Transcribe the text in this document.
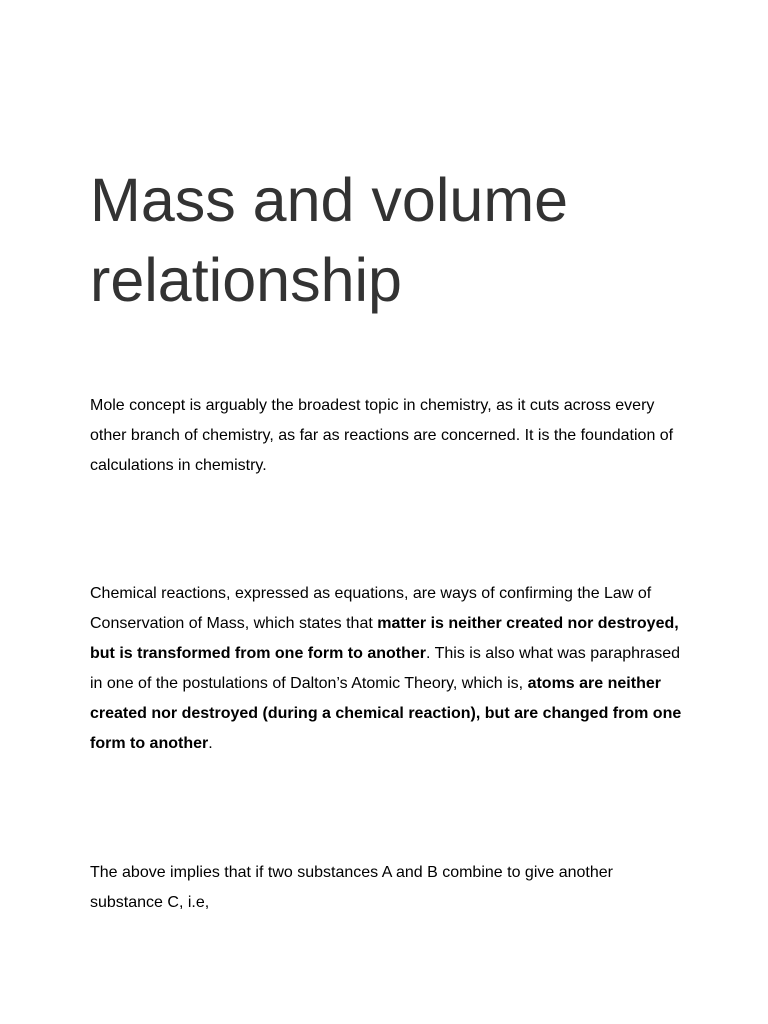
Mass and volume relationship

Mole concept is arguably the broadest topic in chemistry, as it cuts across every other branch of chemistry, as far as reactions are concerned. It is the foundation of calculations in chemistry.

Chemical reactions, expressed as equations, are ways of confirming the Law of Conservation of Mass, which states that matter is neither created nor destroyed, but is transformed from one form to another. This is also what was paraphrased in one of the postulations of Dalton’s Atomic Theory, which is, atoms are neither created nor destroyed (during a chemical reaction), but are changed from one form to another.

The above implies that if two substances A and B combine to give another substance C, i.e,
